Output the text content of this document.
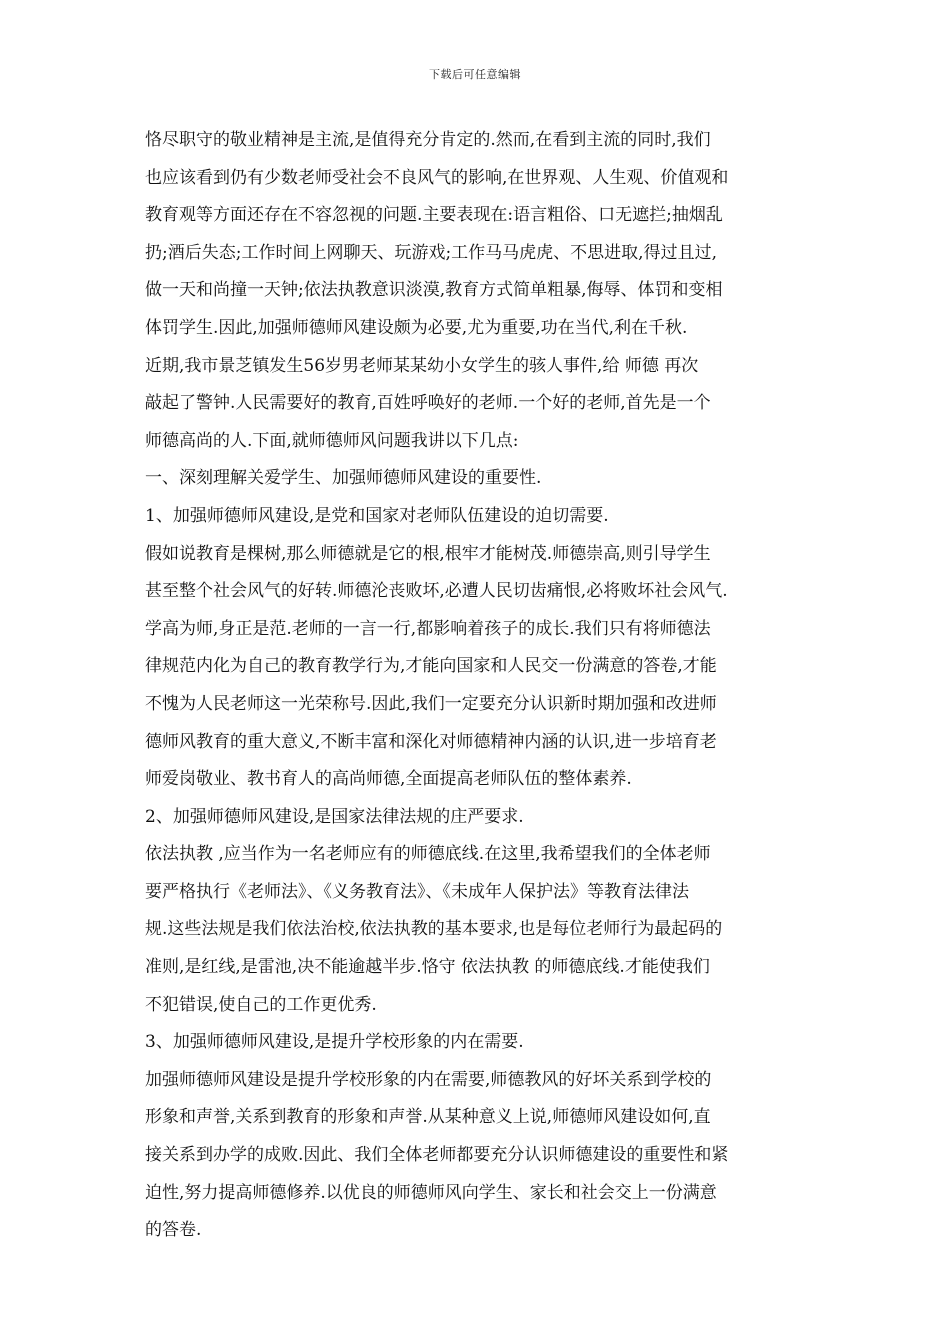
下载后可任意编辑
恪尽职守的敬业精神是主流,是值得充分肯定的.然而,在看到主流的同时,我们
也应该看到仍有少数老师受社会不良风气的影响,在世界观、人生观、价值观和
教育观等方面还存在不容忽视的问题.主要表现在:语言粗俗、口无遮拦;抽烟乱
扔;酒后失态;工作时间上网聊天、玩游戏;工作马马虎虎、不思进取,得过且过,
做一天和尚撞一天钟;依法执教意识淡漠,教育方式简单粗暴,侮辱、体罚和变相
体罚学生.因此,加强师德师风建设颇为必要,尤为重要,功在当代,利在千秋.
近期,我市景芝镇发生56岁男老师某某幼小女学生的骇人事件,给 师德 再次
敲起了警钟.人民需要好的教育,百姓呼唤好的老师.一个好的老师,首先是一个
师德高尚的人.下面,就师德师风问题我讲以下几点:
一、深刻理解关爱学生、加强师德师风建设的重要性.
1、加强师德师风建设,是党和国家对老师队伍建设的迫切需要.
假如说教育是棵树,那么师德就是它的根,根牢才能树茂.师德崇高,则引导学生
甚至整个社会风气的好转.师德沦丧败坏,必遭人民切齿痛恨,必将败坏社会风气.
学高为师,身正是范.老师的一言一行,都影响着孩子的成长.我们只有将师德法
律规范内化为自己的教育教学行为,才能向国家和人民交一份满意的答卷,才能
不愧为人民老师这一光荣称号.因此,我们一定要充分认识新时期加强和改进师
德师风教育的重大意义,不断丰富和深化对师德精神内涵的认识,进一步培育老
师爱岗敬业、教书育人的高尚师德,全面提高老师队伍的整体素养.
2、加强师德师风建设,是国家法律法规的庄严要求.
依法执教 ,应当作为一名老师应有的师德底线.在这里,我希望我们的全体老师
要严格执行《老师法》、《义务教育法》、《未成年人保护法》等教育法律法
规.这些法规是我们依法治校,依法执教的基本要求,也是每位老师行为最起码的
准则,是红线,是雷池,决不能逾越半步.恪守 依法执教 的师德底线.才能使我们
不犯错误,使自己的工作更优秀.
3、加强师德师风建设,是提升学校形象的内在需要.
加强师德师风建设是提升学校形象的内在需要,师德教风的好坏关系到学校的
形象和声誉,关系到教育的形象和声誉.从某种意义上说,师德师风建设如何,直
接关系到办学的成败.因此、我们全体老师都要充分认识师德建设的重要性和紧
迫性,努力提高师德修养.以优良的师德师风向学生、家长和社会交上一份满意
的答卷.
